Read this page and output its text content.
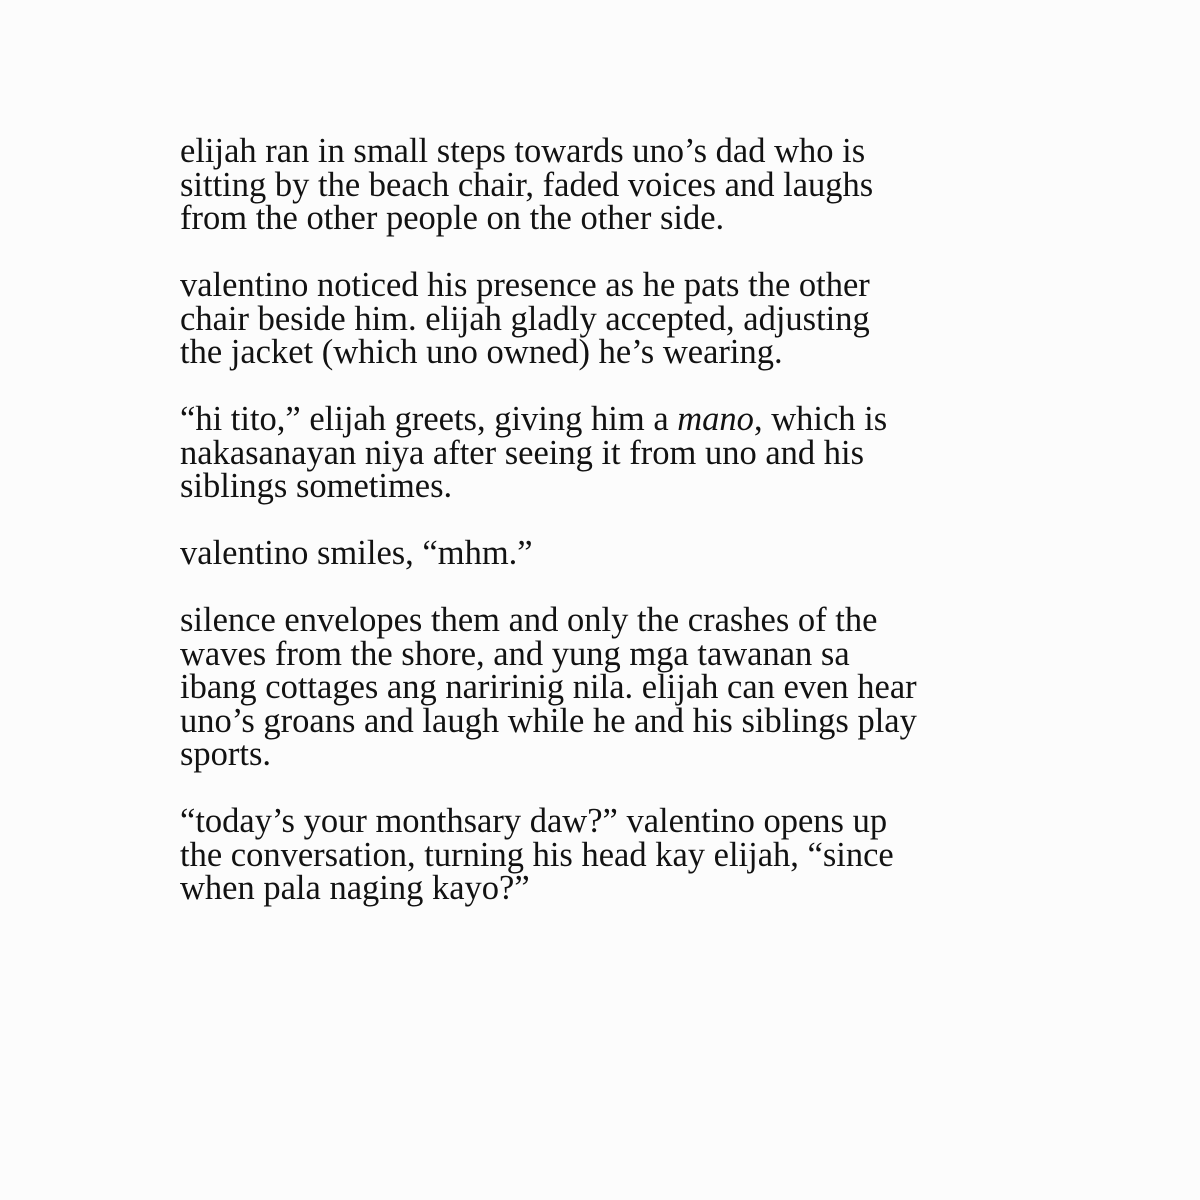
elijah ran in small steps towards uno’s dad who is
sitting by the beach chair, faded voices and laughs
from the other people on the other side.

valentino noticed his presence as he pats the other
chair beside him. elijah gladly accepted, adjusting
the jacket (which uno owned) he’s wearing.

“hi tito,” elijah greets, giving him a mano, which is
nakasanayan niya after seeing it from uno and his
siblings sometimes.

valentino smiles, “mhm.”

silence envelopes them and only the crashes of the
waves from the shore, and yung mga tawanan sa
ibang cottages ang naririnig nila. elijah can even hear
uno’s groans and laugh while he and his siblings play
sports.

“today’s your monthsary daw?” valentino opens up
the conversation, turning his head kay elijah, “since
when pala naging kayo?”
